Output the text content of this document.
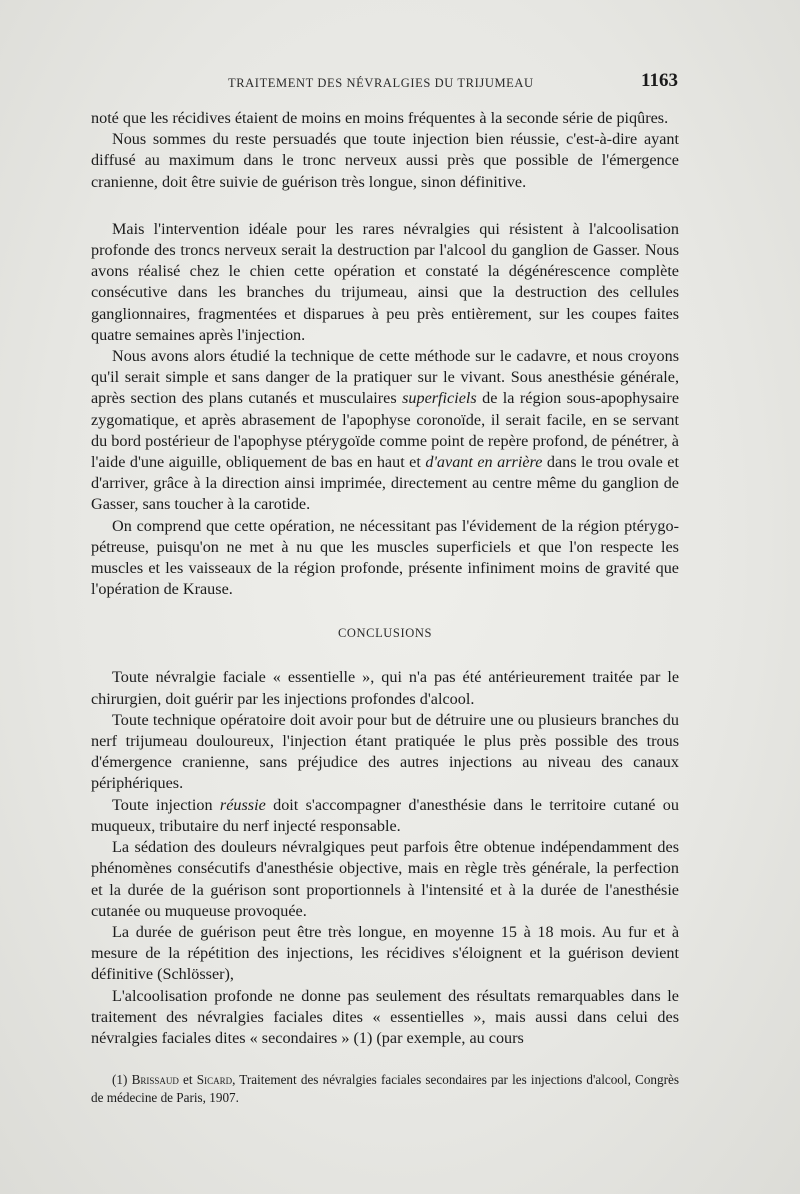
TRAITEMENT DES NÉVRALGIES DU TRIJUMEAU	1163

noté que les récidives étaient de moins en moins fréquentes à la seconde série de piqûres.

Nous sommes du reste persuadés que toute injection bien réussie, c'est-à-dire ayant diffusé au maximum dans le tronc nerveux aussi près que possible de l'émergence cranienne, doit être suivie de guérison très longue, sinon définitive.

Mais l'intervention idéale pour les rares névralgies qui résistent à l'alcoolisation profonde des troncs nerveux serait la destruction par l'alcool du ganglion de Gasser. Nous avons réalisé chez le chien cette opération et constaté la dégénérescence complète consécutive dans les branches du trijumeau, ainsi que la destruction des cellules ganglionnaires, fragmentées et disparues à peu près entièrement, sur les coupes faites quatre semaines après l'injection.

Nous avons alors étudié la technique de cette méthode sur le cadavre, et nous croyons qu'il serait simple et sans danger de la pratiquer sur le vivant. Sous anesthésie générale, après section des plans cutanés et musculaires superficiels de la région sous-apophysaire zygomatique, et après abrasement de l'apophyse coronoïde, il serait facile, en se servant du bord postérieur de l'apophyse ptérygoïde comme point de repère profond, de pénétrer, à l'aide d'une aiguille, obliquement de bas en haut et d'avant en arrière dans le trou ovale et d'arriver, grâce à la direction ainsi imprimée, directement au centre même du ganglion de Gasser, sans toucher à la carotide.

On comprend que cette opération, ne nécessitant pas l'évidement de la région ptérygo-pétreuse, puisqu'on ne met à nu que les muscles superficiels et que l'on respecte les muscles et les vaisseaux de la région profonde, présente infiniment moins de gravité que l'opération de Krause.

CONCLUSIONS

Toute névralgie faciale « essentielle », qui n'a pas été antérieurement traitée par le chirurgien, doit guérir par les injections profondes d'alcool.

Toute technique opératoire doit avoir pour but de détruire une ou plusieurs branches du nerf trijumeau douloureux, l'injection étant pratiquée le plus près possible des trous d'émergence cranienne, sans préjudice des autres injections au niveau des canaux périphériques.

Toute injection réussie doit s'accompagner d'anesthésie dans le territoire cutané ou muqueux, tributaire du nerf injecté responsable.

La sédation des douleurs névralgiques peut parfois être obtenue indépendamment des phénomènes consécutifs d'anesthésie objective, mais en règle très générale, la perfection et la durée de la guérison sont proportionnels à l'intensité et à la durée de l'anesthésie cutanée ou muqueuse provoquée.

La durée de guérison peut être très longue, en moyenne 15 à 18 mois. Au fur et à mesure de la répétition des injections, les récidives s'éloignent et la guérison devient définitive (Schlösser),

L'alcoolisation profonde ne donne pas seulement des résultats remarquables dans le traitement des névralgies faciales dites « essentielles », mais aussi dans celui des névralgies faciales dites « secondaires » (1) (par exemple, au cours

(1) Brissaud et Sicard, Traitement des névralgies faciales secondaires par les injections d'alcool, Congrès de médecine de Paris, 1907.
